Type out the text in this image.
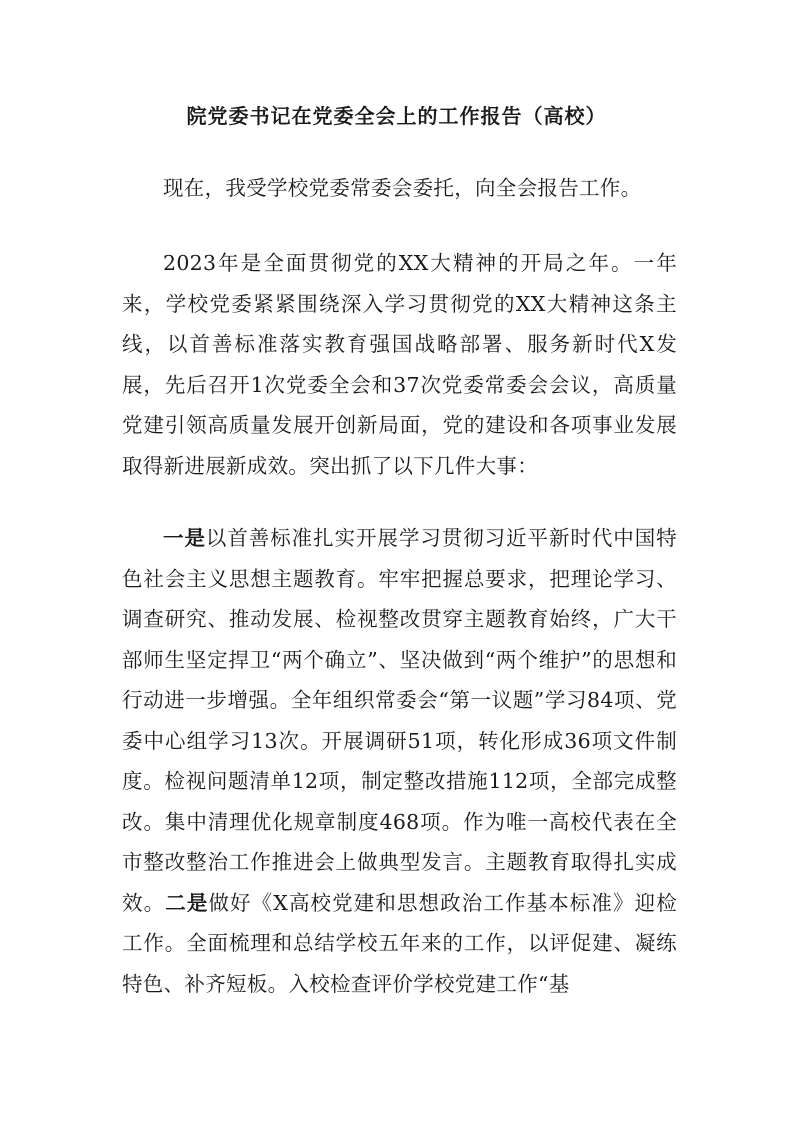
院党委书记在党委全会上的工作报告（高校）

现在，我受学校党委常委会委托，向全会报告工作。

2023年是全面贯彻党的XX大精神的开局之年。一年来，学校党委紧紧围绕深入学习贯彻党的XX大精神这条主线，以首善标准落实教育强国战略部署、服务新时代X发展，先后召开1次党委全会和37次党委常委会会议，高质量党建引领高质量发展开创新局面，党的建设和各项事业发展取得新进展新成效。突出抓了以下几件大事：

一是以首善标准扎实开展学习贯彻习近平新时代中国特色社会主义思想主题教育。牢牢把握总要求，把理论学习、调查研究、推动发展、检视整改贯穿主题教育始终，广大干部师生坚定捍卫“两个确立”、坚决做到“两个维护”的思想和行动进一步增强。全年组织常委会“第一议题”学习84项、党委中心组学习13次。开展调研51项，转化形成36项文件制度。检视问题清单12项，制定整改措施112项，全部完成整改。集中清理优化规章制度468项。作为唯一高校代表在全市整改整治工作推进会上做典型发言。主题教育取得扎实成效。二是做好《X高校党建和思想政治工作基本标准》迎检工作。全面梳理和总结学校五年来的工作，以评促建、凝练特色、补齐短板。入校检查评价学校党建工作“基
